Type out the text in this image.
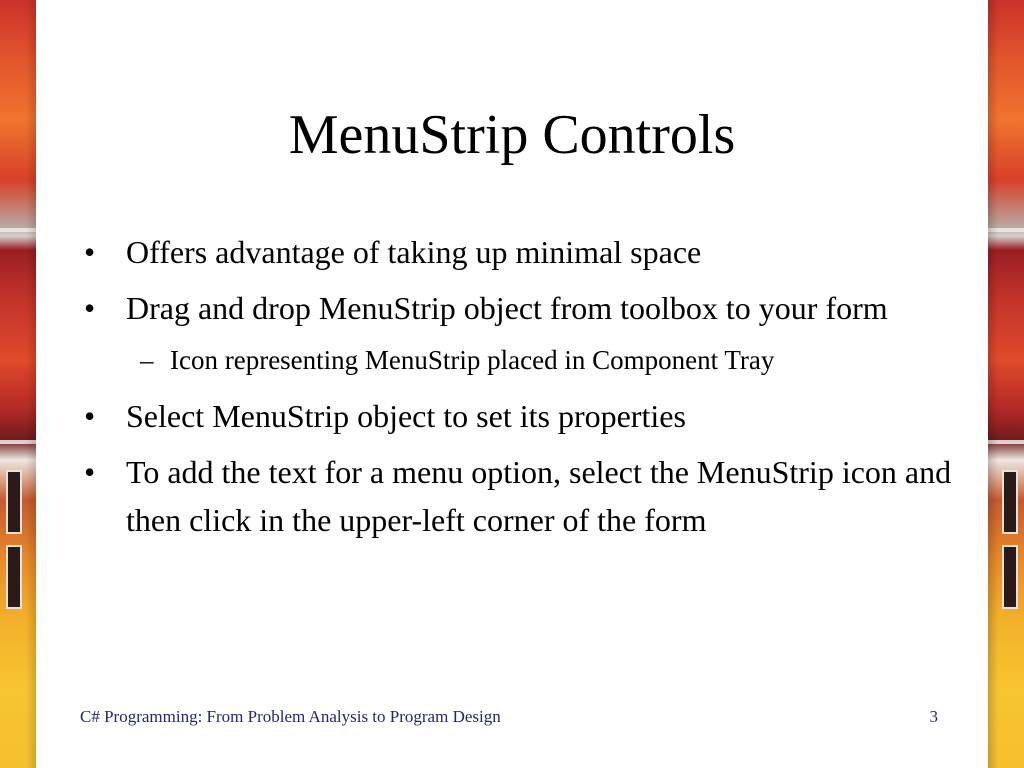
MenuStrip Controls
• Offers advantage of taking up minimal space
• Drag and drop MenuStrip object from toolbox to your form
– Icon representing MenuStrip placed in Component Tray
• Select MenuStrip object to set its properties
• To add the text for a menu option, select the MenuStrip icon and then click in the upper-left corner of the form
C# Programming: From Problem Analysis to Program Design	3
